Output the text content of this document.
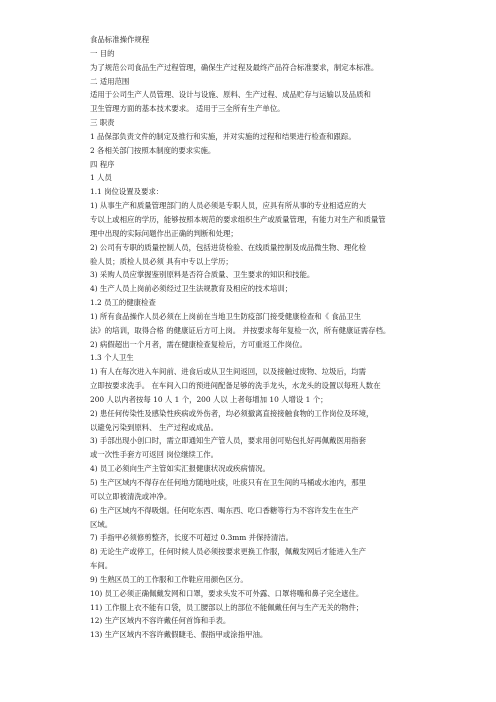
食品标准操作规程
一 目的
为了规范公司食品生产过程管理，确保生产过程及最终产品符合标准要求，制定本标准。
二 适用范围
适用于公司生产人员管理、设计与设施、原料、生产过程、成品贮存与运输以及品质和
卫生管理方面的基本技术要求。 适用于三全所有生产单位。
三 职责
1 品保部负责文件的制定及推行和实施，并对实施的过程和结果进行检查和跟踪。
2 各相关部门按照本制度的要求实施。
四 程序
1 人员
1.1 岗位设置及要求：
1) 从事生产和质量管理部门的人员必须是专职人员，应具有所从事的专业相适应的大
专以上或相应的学历，能够按照本规范的要求组织生产或质量管理，有能力对生产和质量管
理中出现的实际问题作出正确的判断和处理；
2) 公司有专职的质量控制人员，包括进货检验、在线质量控制及成品微生物、理化检
验人员；质检人员必须 具有中专以上学历；
3) 采购人员应掌握鉴别原料是否符合质量、卫生要求的知识和技能。
4) 生产人员上岗前必须经过卫生法规教育及相应的技术培训；
1.2 员工的健康检查
1) 所有食品操作人员必须在上岗前在当地卫生防疫部门接受健康检查和《 食品卫生
法》的培训，取得合格 的健康证后方可上岗。 并按要求每年复检一次，所有健康证需存档。
2) 病假超出一个月者，需在健康检查复检后，方可重返工作岗位。
1.3 个人卫生
1) 有人在每次进入车间前、进食后或从卫生间返回，以及接触过废物、垃圾后，均需
立即按要求洗手。 在车间入口的预进间配备足够的洗手龙头，水龙头的设置以每班人数在
200 人以内者按每 10 人 1 个，200 人以 上者每增加 10 人增设 1 个；
2) 患任何传染性及感染性疾病或外伤者，均必须撤离直接接触食物的工作岗位及环境，
以避免污染到原料、 生产过程或成品。
3) 手部出现小创口时，需立即通知生产管人员，要求用创可贴包扎好再佩戴医用指套
或一次性手套方可返回 岗位继续工作。
4) 员工必须向生产主管如实汇报健康状况或疾病情况。
5) 生产区域内不得存在任何地方随地吐痰，吐痰只有在卫生间的马桶或水池内，那里
可以立即被清洗或冲净。
6) 生产区域内不得吸烟。任何吃东西、喝东西、吃口香糖等行为不容许发生在生产
区域。
7) 手指甲必须修剪整齐，长度不可超过 0.3mm 并保持清洁。
8) 无论生产或停工，任何时候人员必须按要求更换工作服，佩戴发网后才能进入生产
车间。
9) 生熟区员工的工作服和工作鞋应用颜色区分。
10) 员工必须正确佩戴发网和口罩，要求头发不可外露、口罩将嘴和鼻子完全遮住。
11) 工作服上衣不能有口袋，员工腰部以上的部位不能佩戴任何与生产无关的物件；
12) 生产区域内不容许戴任何首饰和手表。
13) 生产区域内不容许戴假睫毛、假指甲或涂指甲油。
